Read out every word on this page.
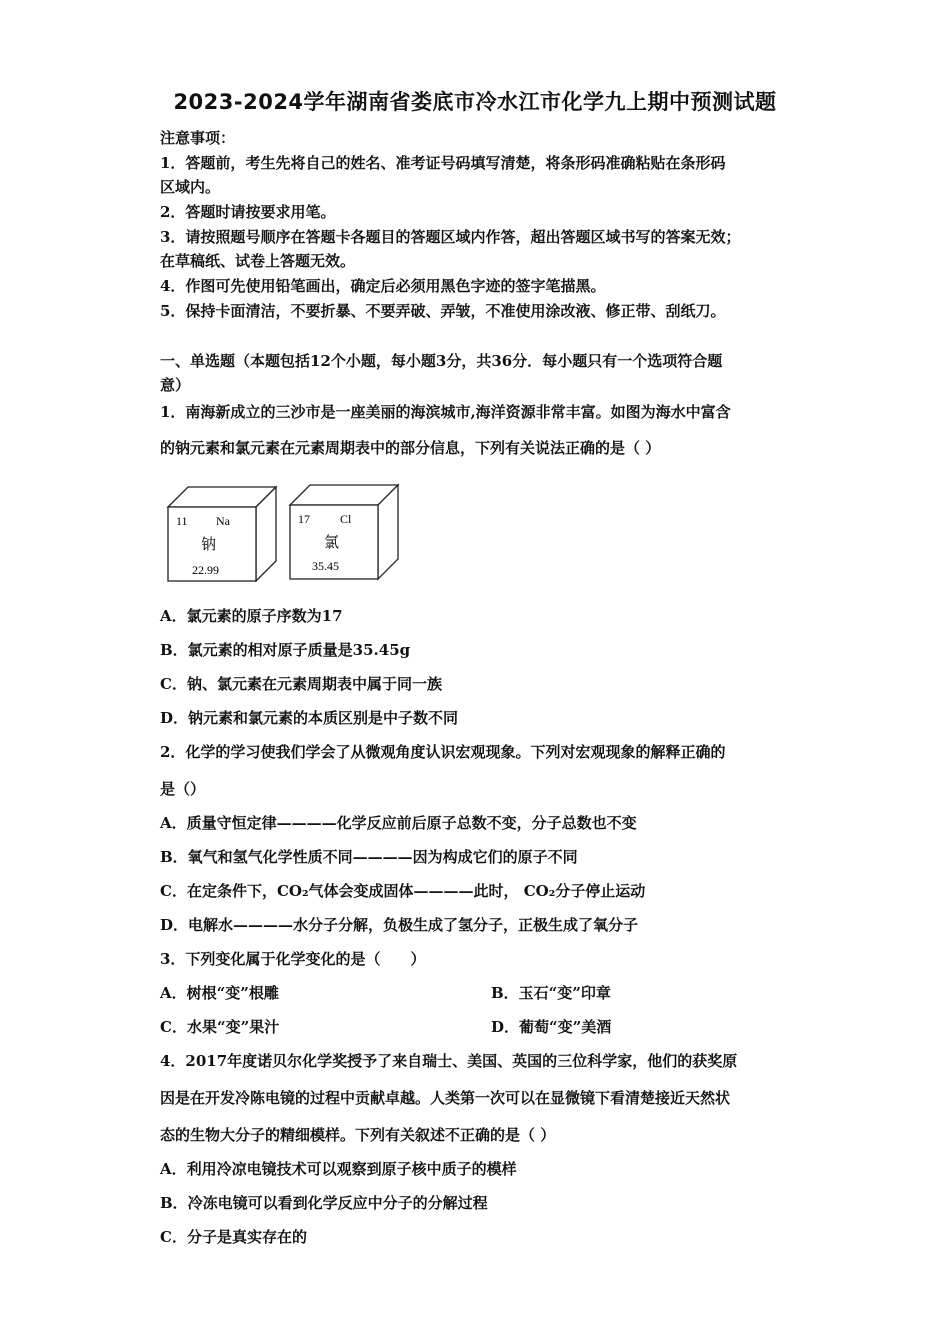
2023-2024学年湖南省娄底市冷水江市化学九上期中预测试题
注意事项：
1．答题前，考生先将自己的姓名、准考证号码填写清楚，将条形码准确粘贴在条形码
区域内。
2．答题时请按要求用笔。
3．请按照题号顺序在答题卡各题目的答题区域内作答，超出答题区域书写的答案无效；
在草稿纸、试卷上答题无效。
4．作图可先使用铅笔画出，确定后必须用黑色字迹的签字笔描黑。
5．保持卡面清洁，不要折暴、不要弄破、弄皱，不准使用涂改液、修正带、刮纸刀。
一、单选题（本题包括12个小题，每小题3分，共36分．每小题只有一个选项符合题
意）
1．南海新成立的三沙市是一座美丽的海滨城市,海洋资源非常丰富。如图为海水中富含
的钠元素和氯元素在元素周期表中的部分信息，下列有关说法正确的是（ ）
11 Na
钠
22.99
17	Cl
氯
35.45
A．氯元素的原子序数为17
B．氯元素的相对原子质量是35.45g
C．钠、氯元素在元素周期表中属于同一族
D．钠元素和氯元素的本质区别是中子数不同
2．化学的学习使我们学会了从微观角度认识宏观现象。下列对宏观现象的解释正确的
是（）
A．质量守恒定律————化学反应前后原子总数不变，分子总数也不变
B．氧气和氢气化学性质不同————因为构成它们的原子不同
C．在定条件下，CO₂气体会变成固体————此时， CO₂分子停止运动
D．电解水————水分子分解，负极生成了氢分子，正极生成了氧分子
3．下列变化属于化学变化的是（　　）
A．树根“变”根雕	B．玉石“变”印章
C．水果“变”果汁	D．葡萄“变”美酒
4．2017年度诺贝尔化学奖授予了来自瑞士、美国、英国的三位科学家，他们的获奖原
因是在开发冷陈电镜的过程中贡献卓越。人类第一次可以在显微镜下看清楚接近天然状
态的生物大分子的精细模样。下列有关叙述不正确的是（ ）
A．利用冷凉电镜技术可以观察到原子核中质子的模样
B．冷冻电镜可以看到化学反应中分子的分解过程
C．分子是真实存在的
